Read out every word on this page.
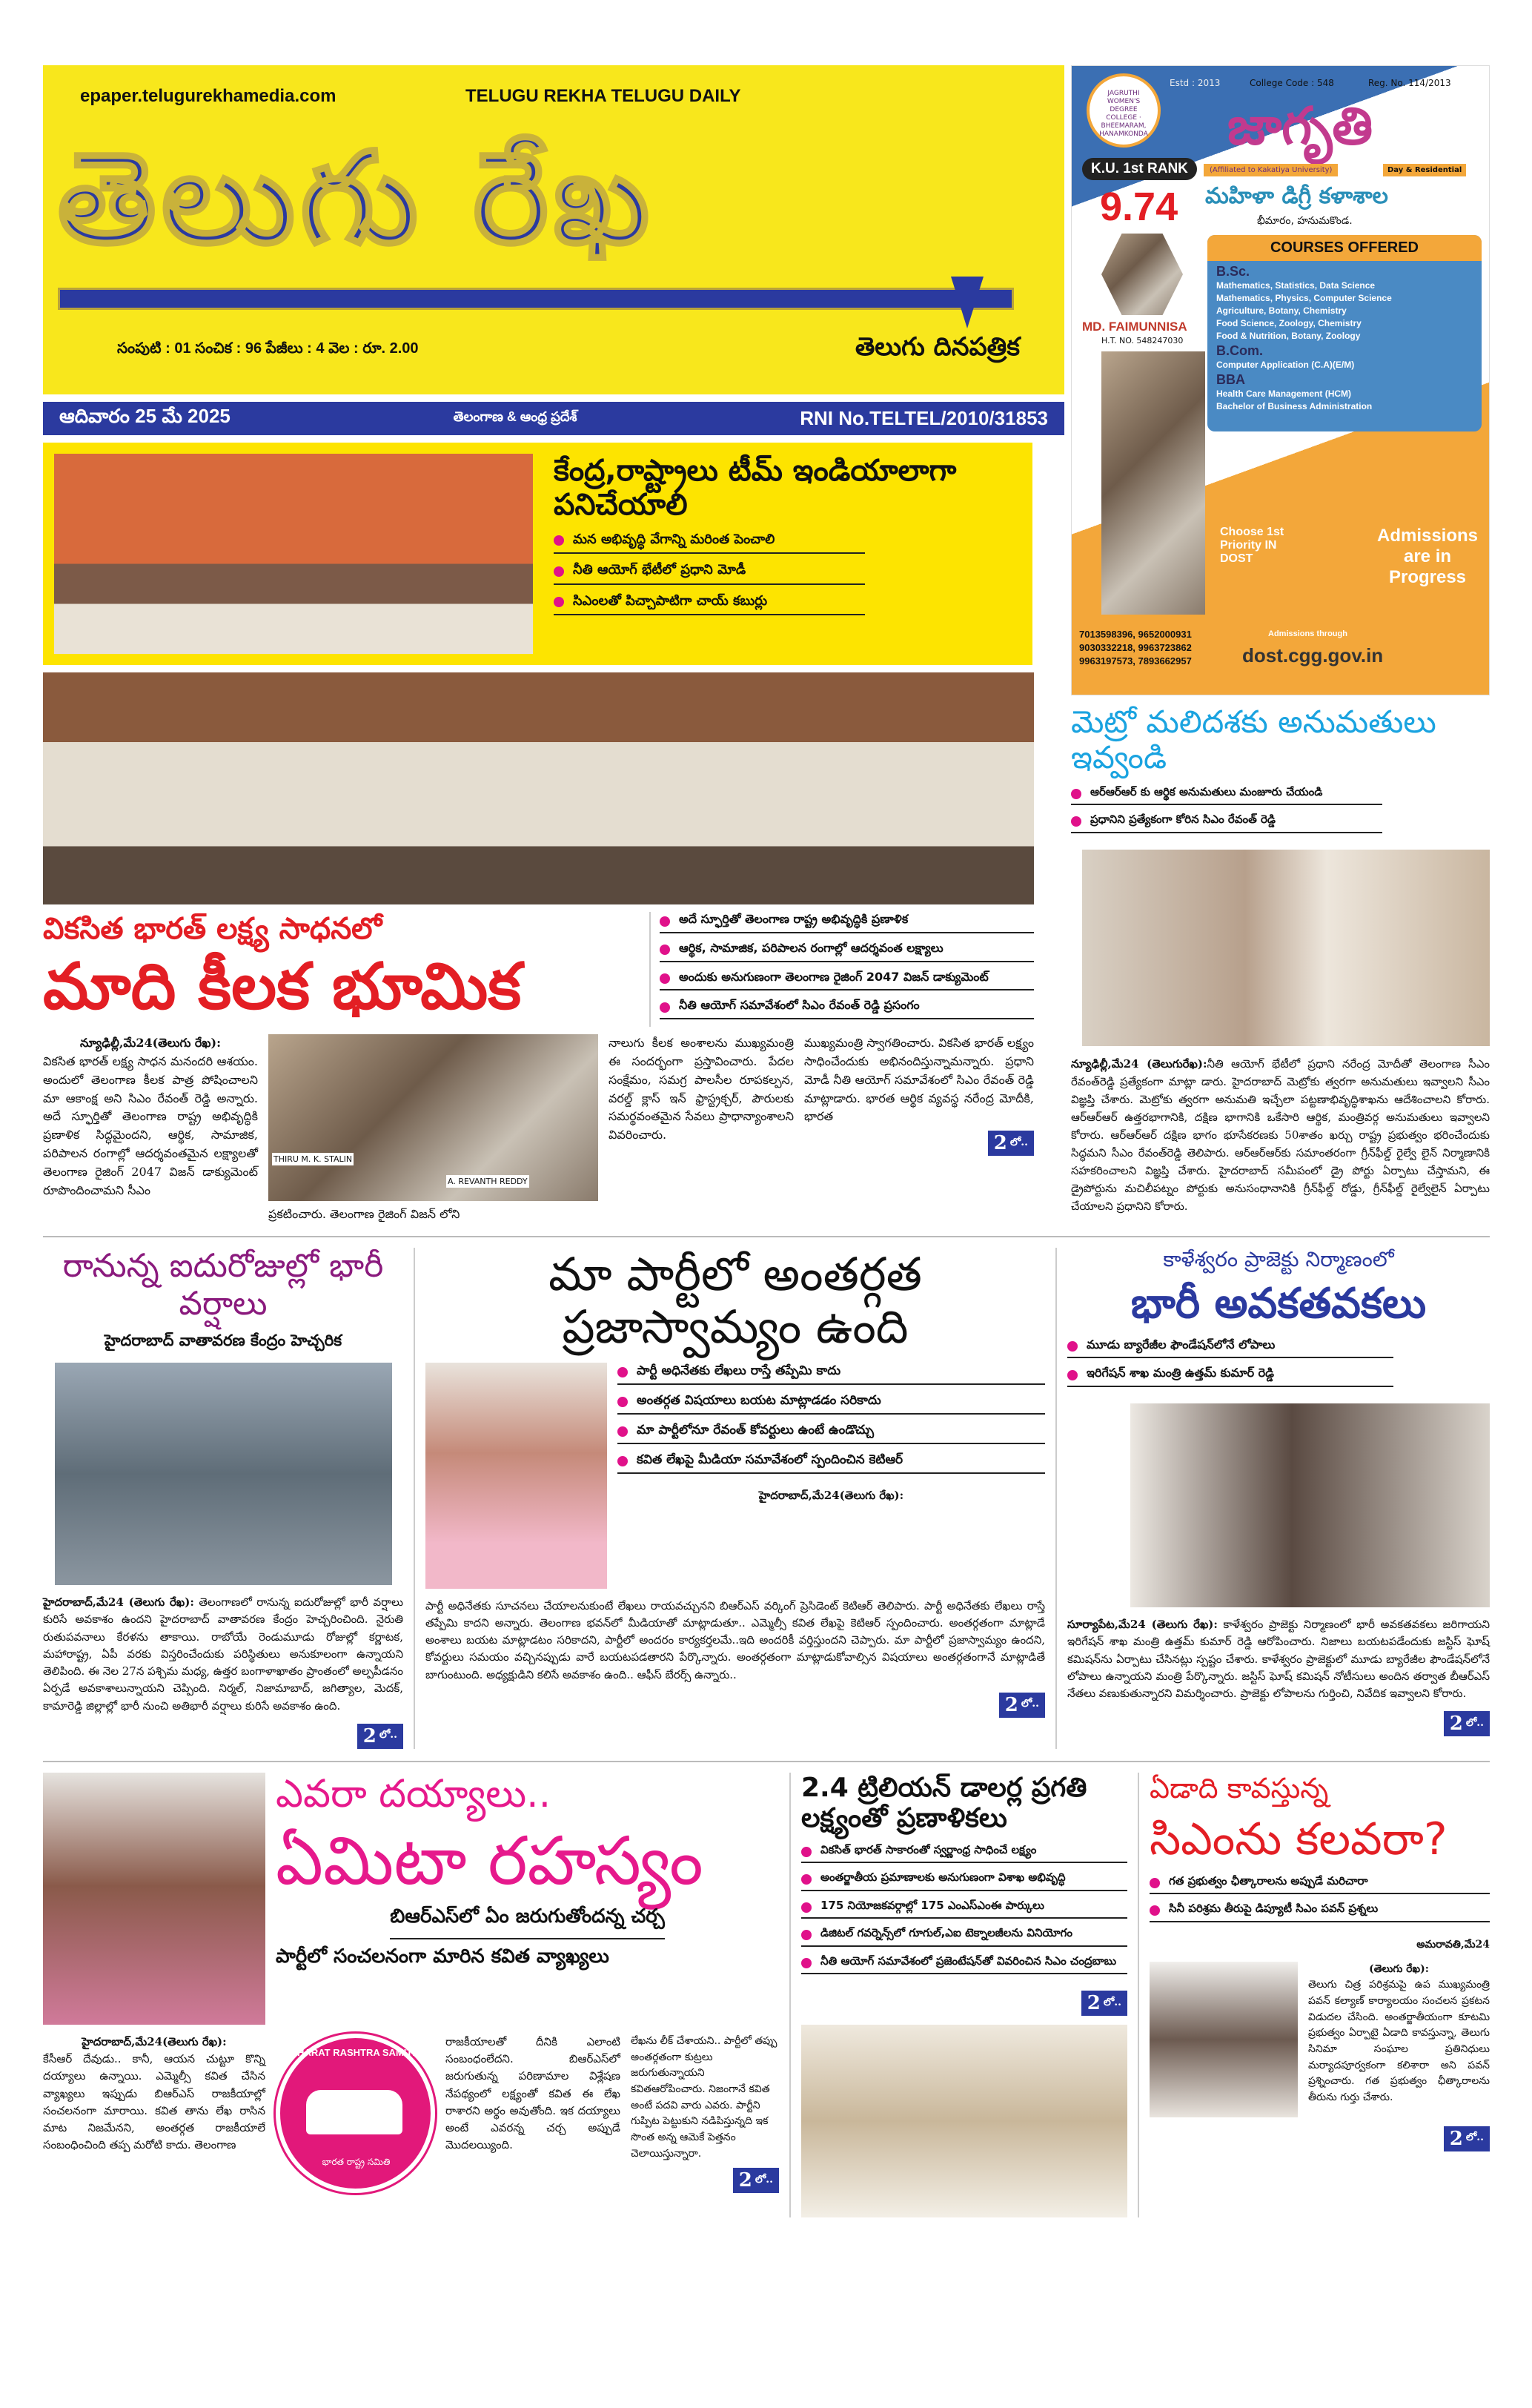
epaper.telugurekhamedia.com	TELUGU REKHA TELUGU DAILY
తెలుగు రేఖ
సంపుటి : 01 సంచిక : 96 పేజీలు : 4 వెల : రూ. 2.00	తెలుగు దినపత్రిక
ఆదివారం 25 మే 2025	తెలంగాణ & ఆంధ్ర ప్రదేశ్	RNI No.TELTEL/2010/31853
కేంద్ర,రాష్ట్రాలు టీమ్ ఇండియాలాగా పనిచేయాలి
మన అభివృద్ధి వేగాన్ని మరింత పెంచాలి
నీతి ఆయోగ్ భేటీలో ప్రధాని మోడీ
సిఎంలతో పిచ్చాపాటిగా చాయ్ కబుర్లు
వికసిత భారత్ లక్ష్య సాధనలో
మాది కీలక భూమిక
అదే స్ఫూర్తితో తెలంగాణ రాష్ట్ర అభివృద్ధికి ప్రణాళిక
ఆర్థిక, సామాజిక, పరిపాలన రంగాల్లో ఆదర్శవంత లక్ష్యాలు
అందుకు అనుగుణంగా తెలంగాణ రైజింగ్ 2047 విజన్ డాక్యుమెంట్
నీతి ఆయోగ్ సమావేశంలో సిఎం రేవంత్ రెడ్డి ప్రసంగం
న్యూఢిల్లీ,మే24(తెలుగు రేఖ):
వికసిత భారత్ లక్ష్య సాధన మనందరి ఆశయం. అందులో తెలంగాణ కీలక పాత్ర పోషించాలని మా ఆకాంక్ష అని సిఎం రేవంత్ రెడ్డి అన్నారు. అదే స్ఫూర్తితో తెలంగాణ రాష్ట్ర అభివృద్ధికి ప్రణాళిక సిద్ధమైందని, ఆర్థిక, సామాజిక, పరిపాలన రంగాల్లో ఆదర్శవంతమైన లక్ష్యాలతో తెలంగాణ రైజింగ్ 2047 విజన్ డాక్యుమెంట్ రూపొందించామని సీఎం
THIRU M. K. STALIN
A. REVANTH REDDY
ప్రకటించారు. తెలంగాణ రైజింగ్ విజన్ లోని
నాలుగు కీలక అంశాలను ముఖ్యమంత్రి ఈ సందర్భంగా ప్రస్తావించారు. పేదల సంక్షేమం, సమగ్ర పాలసీల రూపకల్పన, వరల్డ్ క్లాస్ ఇన్ ఫ్రాస్ట్రక్చర్, పౌరులకు సమర్థవంతమైన సేవలు ప్రాధాన్యాంశాలని వివరించారు.
ముఖ్యమంత్రి స్వాగతించారు. వికసిత భారత్ లక్ష్యం సాధించేందుకు అభినందిస్తున్నామన్నారు. ప్రధాని మోడీ నీతి ఆయోగ్ సమావేశంలో సిఎం రేవంత్ రెడ్డి మాట్లాడారు. భారత ఆర్థిక వ్యవస్థ నరేంద్ర మోదీకి, భారత
2 లో..
JAGRUTHI WOMEN'S DEGREE COLLEGE · BHEEMARAM, HANAMKONDA
Estd : 2013	College Code : 548	Reg. No. 114/2013
జాగృతి
(Affiliated to Kakatiya University)	Day & Residential
మహిళా డిగ్రీ కళాశాల
భీమారం, హనుమకొండ.
K.U. 1st RANK
9.74
MD. FAIMUNNISA
H.T. NO. 548247030
COURSES OFFERED
B.Sc.
Mathematics, Statistics, Data Science
Mathematics, Physics, Computer Science
Agriculture, Botany, Chemistry
Food Science, Zoology, Chemistry
Food & Nutrition, Botany, Zoology
B.Com.
Computer Application (C.A)(E/M)
BBA
Health Care Management (HCM)
Bachelor of Business Administration
Choose 1st Priority IN DOST
Admissions are in Progress
7013598396, 9652000931
9030332218, 9963723862
9963197573, 7893662957
Admissions through
dost.cgg.gov.in
మెట్రో మలిదశకు అనుమతులు ఇవ్వండి
ఆర్ఆర్ఆర్ కు ఆర్థిక అనుమతులు మంజూరు చేయండి
ప్రధానిని ప్రత్యేకంగా కోరిన సిఎం రేవంత్ రెడ్డి
న్యూఢిల్లీ,మే24 (తెలుగురేఖ):నీతి ఆయోగ్ భేటీలో ప్రధాని నరేంద్ర మోదీతో తెలంగాణ సీఎం రేవంత్‌రెడ్డి ప్రత్యేకంగా మాట్లా డారు. హైదరాబాద్ మెట్రోకు త్వరగా అనుమతులు ఇవ్వాలని సీఎం విజ్ఞప్తి చేశారు. మెట్రోకు త్వరగా అనుమతి ఇచ్చేలా పట్టణాభివృద్ధిశాఖను ఆదేశించాలని కోరారు. ఆర్ఆర్ఆర్ ఉత్తరభాగానికి, దక్షిణ భాగానికి ఒకేసారి ఆర్థిక, మంత్రివర్గ అనుమతులు ఇవ్వాలని కోరారు. ఆర్ఆర్ఆర్ దక్షిణ భాగం భూసేకరణకు 50శాతం ఖర్చు రాష్ట్ర ప్రభుత్వం భరించేందుకు సిద్ధమని సీఎం రేవంత్‌రెడ్డి తెలిపారు. ఆర్ఆర్ఆర్‌కు సమాంతరంగా గ్రీన్‌ఫీల్డ్ రైల్వే లైన్ నిర్మాణానికి సహకరించాలని విజ్ఞప్తి చేశారు. హైదరాబాద్ సమీపంలో డ్రై పోర్టు ఏర్పాటు చేస్తామని, ఈ డ్రైపోర్టును మచిలీపట్నం పోర్టుకు అనుసంధానానికి గ్రీన్‌ఫీల్డ్ రోడ్డు, గ్రీన్‌ఫీల్డ్ రైల్వేలైన్ ఏర్పాటు చేయాలని ప్రధానిని కోరారు.
రానున్న ఐదురోజుల్లో భారీ వర్షాలు
హైదరాబాద్ వాతావరణ కేంద్రం హెచ్చరిక
హైదరాబాద్,మే24 (తెలుగు రేఖ): తెలంగాణలో రానున్న ఐదురోజుల్లో భారీ వర్షాలు కురిసే అవకాశం ఉందని హైదరాబాద్ వాతావరణ కేంద్రం హెచ్చరించింది. నైరుతి రుతుపవనాలు కేరళను తాకాయి. రాబోయే రెండుమూడు రోజుల్లో కర్ణాటక, మహారాష్ట్ర, ఏపీ వరకు విస్తరించేందుకు పరిస్థితులు అనుకూలంగా ఉన్నాయని తెలిపింది. ఈ నెల 27న పశ్చిమ మధ్య, ఉత్తర బంగాళాఖాతం ప్రాంతంలో అల్పపీడనం ఏర్పడే అవకాశాలున్నాయని చెప్పింది. నిర్మల్, నిజామాబాద్, జగిత్యాల, మెదక్, కామారెడ్డి జిల్లాల్లో భారీ నుంచి అతిభారీ వర్షాలు కురిసే అవకాశం ఉంది.
2 లో..
మా పార్టీలో అంతర్గత ప్రజాస్వామ్యం ఉంది
పార్టీ అధినేతకు లేఖలు రాస్తే తప్పేమి కాదు
అంతర్గత విషయాలు బయట మాట్లాడడం సరికాదు
మా పార్టీలోనూ రేవంత్ కోవర్టులు ఉంటే ఉండొచ్చు
కవిత లేఖపై మీడియా సమావేశంలో స్పందించిన కెటిఆర్
హైదరాబాద్,మే24(తెలుగు రేఖ):
పార్టీ అధినేతకు సూచనలు చేయాలనుకుంటే లేఖలు రాయవచ్చునని బిఆర్ఎస్ వర్కింగ్ ప్రెసిడెంట్ కెటిఆర్ తెలిపారు. పార్టీ అధినేతకు లేఖలు రాస్తే తప్పేమి కాదని అన్నారు. తెలంగాణ భవన్‌లో మీడియాతో మాట్లాడుతూ.. ఎమ్మెల్సీ కవిత లేఖపై కెటిఆర్ స్పందించారు. అంతర్గతంగా మాట్లాడే అంశాలు బయట మాట్లాడటం సరికాదని, పార్టీలో అందరం కార్యకర్తలమే..ఇది అందరికీ వర్తిస్తుందని చెప్పారు. మా పార్టీలో ప్రజాస్వామ్యం ఉందని, కోవర్టులు సమయం వచ్చినప్పుడు వారే బయటపడతారని పేర్కొన్నారు. అంతర్గతంగా మాట్లాడుకోవాల్సిన విషయాలు అంతర్గతంగానే మాట్లాడితే బాగుంటుంది. అధ్యక్షుడిని కలిసే అవకాశం ఉంది.. ఆఫీస్ బేరర్స్ ఉన్నారు..
2 లో..
కాళేశ్వరం ప్రాజెక్టు నిర్మాణంలో
భారీ అవకతవకలు
మూడు బ్యారేజీల ఫౌండేషన్‌లోనే లోపాలు
ఇరిగేషన్ శాఖ మంత్రి ఉత్తమ్ కుమార్ రెడ్డి
సూర్యాపేట,మే24 (తెలుగు రేఖ): కాళేశ్వరం ప్రాజెక్టు నిర్మాణంలో భారీ అవకతవకలు జరిగాయని ఇరిగేషన్ శాఖ మంత్రి ఉత్తమ్ కుమార్ రెడ్డి ఆరోపించారు. నిజాలు బయటపడేందుకు జస్టిస్ ఘోష్ కమిషన్‌ను ఏర్పాటు చేసినట్లు స్పష్టం చేశారు. కాళేశ్వరం ప్రాజెక్టులో మూడు బ్యారేజీల ఫౌండేషన్‌లోనే లోపాలు ఉన్నాయని మంత్రి పేర్కొన్నారు. జస్టిస్ ఘోష్ కమిషన్ నోటీసులు అందిన తర్వాత బీఆర్ఎస్ నేతలు వణుకుతున్నారని విమర్శించారు. ప్రాజెక్టు లోపాలను గుర్తించి, నివేదిక ఇవ్వాలని కోరారు.
2 లో..
ఎవరా దయ్యాలు..
ఏమిటా రహస్యం
బిఆర్ఎస్‌లో ఏం జరుగుతోందన్న చర్చ
పార్టీలో సంచలనంగా మారిన కవిత వ్యాఖ్యలు
హైదరాబాద్,మే24(తెలుగు రేఖ):
కేసీఆర్ దేవుడు.. కానీ, ఆయన చుట్టూ కొన్ని దయ్యాలు ఉన్నాయి. ఎమ్మెల్సీ కవిత చేసిన వ్యాఖ్యలు ఇప్పుడు బిఆర్ఎస్ రాజకీయాల్లో సంచలనంగా మారాయి. కవిత తాను లేఖ రాసిన మాట నిజమేనని, అంతర్గత రాజకీయాలే సంబంధించింది తప్ప మరోటి కాదు. తెలంగాణ
BHARAT RASHTRA SAMITHI
భారత రాష్ట్ర సమితి
రాజకీయాలతో దీనికి ఎలాంటి సంబంధంలేదని. బిఆర్ఎస్‌లో జరుగుతున్న పరిణామాల విశ్లేషణ నేపథ్యంలో లక్ష్యంతో కవిత ఈ లేఖ రాశారని అర్థం అవుతోంది. ఇక దయ్యాలు అంటే ఎవరన్న చర్చ అప్పుడే మొదలయ్యింది.
లేఖను లీక్ చేశాయని.. పార్టీలో తప్పు అంతర్గతంగా కుట్రలు జరుగుతున్నాయని కవితఆరోపించారు. నిజంగానే కవిత అంటే పదవి వారు ఎవరు. పార్టీని గుప్పిట పెట్టుకుని నడిపిస్తున్నది ఇక సొంత అన్న ఆమెకే పెత్తనం చెలాయిస్తున్నారా.
2 లో..
2.4 ట్రిలియన్ డాలర్ల ప్రగతి లక్ష్యంతో ప్రణాళికలు
వికసిత్ భారత్ సాకారంతో స్వర్ణాంధ్ర సాధించే లక్ష్యం
అంతర్జాతీయ ప్రమాణాలకు అనుగుణంగా విశాఖ అభివృద్ధి
175 నియోజకవర్గాల్లో 175 ఎంఎస్ఎంఈ పార్కులు
డిజిటల్ గవర్నెన్స్‌లో గూగుల్,ఎఐ టెక్నాలజీలను వినియోగం
నీతి ఆయోగ్ సమావేశంలో ప్రజెంటేషన్‌తో వివరించిన సిఎం చంద్రబాబు
2 లో..
ఏడాది కావస్తున్న
సిఎంను కలవరా?
గత ప్రభుత్వం ఛీత్కారాలను అప్పుడే మరిచారా
సినీ పరిశ్రమ తీరుపై డిప్యూటీ సిఎం పవన్ ప్రశ్నలు
అమరావతి,మే24
(తెలుగు రేఖ):
తెలుగు చిత్ర పరిశ్రమపై ఉప ముఖ్యమంత్రి పవన్ కల్యాణ్ కార్యాలయం సంచలన ప్రకటన విడుదల చేసింది. అంతర్జాతీయంగా కూటమి ప్రభుత్వం ఏర్పాటై ఏడాది కావస్తున్నా, తెలుగు సినిమా సంఘాల ప్రతినిధులు మర్యాదపూర్వకంగా కలిశారా అని పవన్ ప్రశ్నించారు. గత ప్రభుత్వం ఛీత్కారాలను తీరును గుర్తు చేశారు.
2 లో..
